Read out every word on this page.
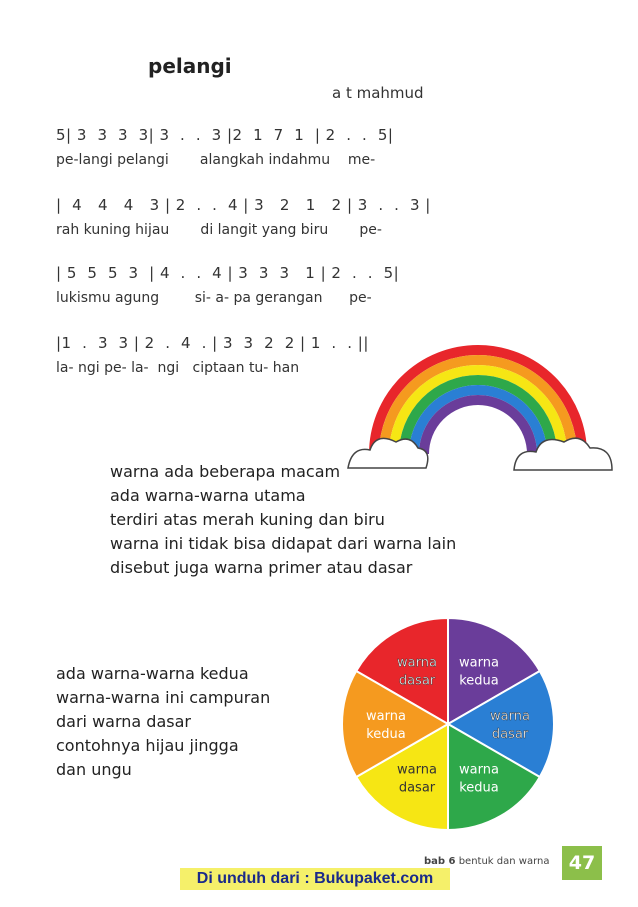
pelangi
a t mahmud
5| 3  3  3  3| 3  .  .  3 |2  1  7  1  | 2  .  .  5|
pe-langi pelangi       alangkah indahmu    me-
|  4   4   4   3 | 2  .  .  4 | 3   2   1   2 | 3  .  .  3 |
rah kuning hijau       di langit yang biru       pe-
| 5  5  5  3  | 4  .  .  4 | 3  3  3   1 | 2  .  .  5|
lukismu agung        si- a- pa gerangan      pe-
|1  .  3  3 | 2  .  4  . | 3  3  2  2 | 1  .  . ||
la- ngi pe- la-  ngi   ciptaan tu- han
warna ada beberapa macam
ada warna-warna utama
terdiri atas merah kuning dan biru
warna ini tidak bisa didapat dari warna lain
disebut juga warna primer atau dasar
ada warna-warna kedua
warna-warna ini campuran
dari warna dasar
contohnya hijau jingga
dan ungu
warna
dasar
warna
kedua
warna
dasar
warna
kedua
warna
dasar
warna
kedua
bab 6 bentuk dan warna	47
Di unduh dari : Bukupaket.com
